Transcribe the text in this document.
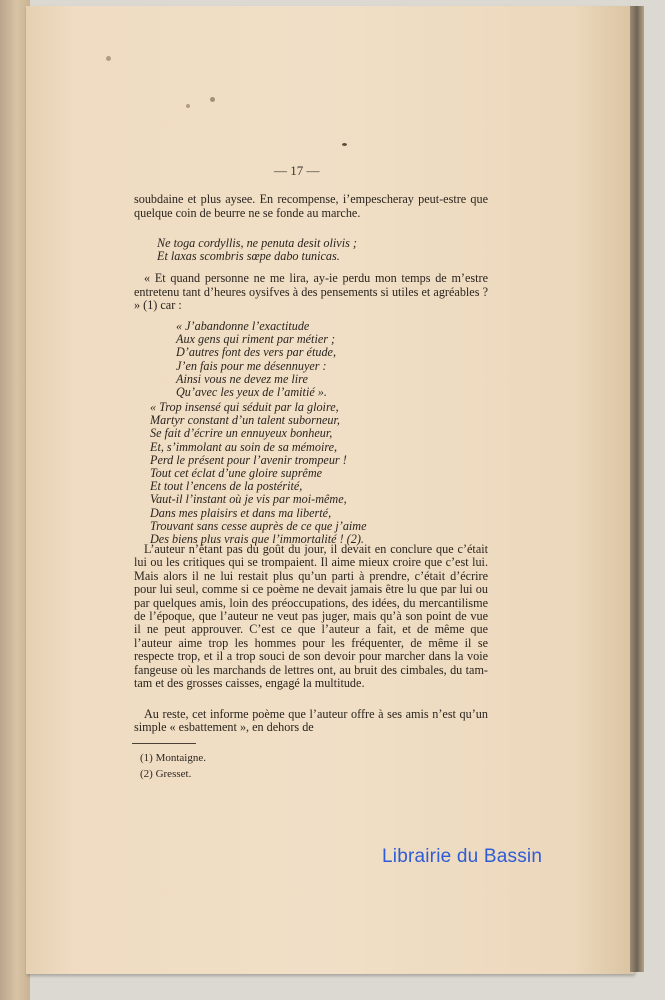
— 17 —
soubdaine et plus aysee. En recompense, i’empescheray peut-estre que quelque coin de beurre ne se fonde au marche.
Ne toga cordyllis, ne penuta desit olivis ;
Et laxas scombris sœpe dabo tunicas.
« Et quand personne ne me lira, ay-ie perdu mon temps de m’estre entretenu tant d’heures oysifves à des pensements si utiles et agréables ? » (1) car :
« J’abandonne l’exactitude
Aux gens qui riment par métier ;
D’autres font des vers par étude,
J’en fais pour me désennuyer :
Ainsi vous ne devez me lire
Qu’avec les yeux de l’amitié ».
« Trop insensé qui séduit par la gloire,
Martyr constant d’un talent suborneur,
Se fait d’écrire un ennuyeux bonheur,
Et, s’immolant au soin de sa mémoire,
Perd le présent pour l’avenir trompeur !
Tout cet éclat d’une gloire suprême
Et tout l’encens de la postérité,
Vaut-il l’instant où je vis par moi-même,
Dans mes plaisirs et dans ma liberté,
Trouvant sans cesse auprès de ce que j’aime
Des biens plus vrais que l’immortalité ! (2).
L’auteur n’étant pas du goût du jour, il devait en conclure que c’était lui ou les critiques qui se trompaient. Il aime mieux croire que c’est lui. Mais alors il ne lui restait plus qu’un parti à prendre, c’était d’écrire pour lui seul, comme si ce poème ne devait jamais être lu que par lui ou par quelques amis, loin des préoccupations, des idées, du mercantilisme de l’époque, que l’auteur ne veut pas juger, mais qu’à son point de vue il ne peut approuver. C’est ce que l’auteur a fait, et de même que l’auteur aime trop les hommes pour les fréquenter, de même il se respecte trop, et il a trop souci de son devoir pour marcher dans la voie fangeuse où les marchands de lettres ont, au bruit des cimbales, du tam-tam et des grosses caisses, engagé la multitude.
Au reste, cet informe poème que l’auteur offre à ses amis n’est qu’un simple « esbattement », en dehors de
(1) Montaigne.
(2) Gresset.
Librairie du Bassin
